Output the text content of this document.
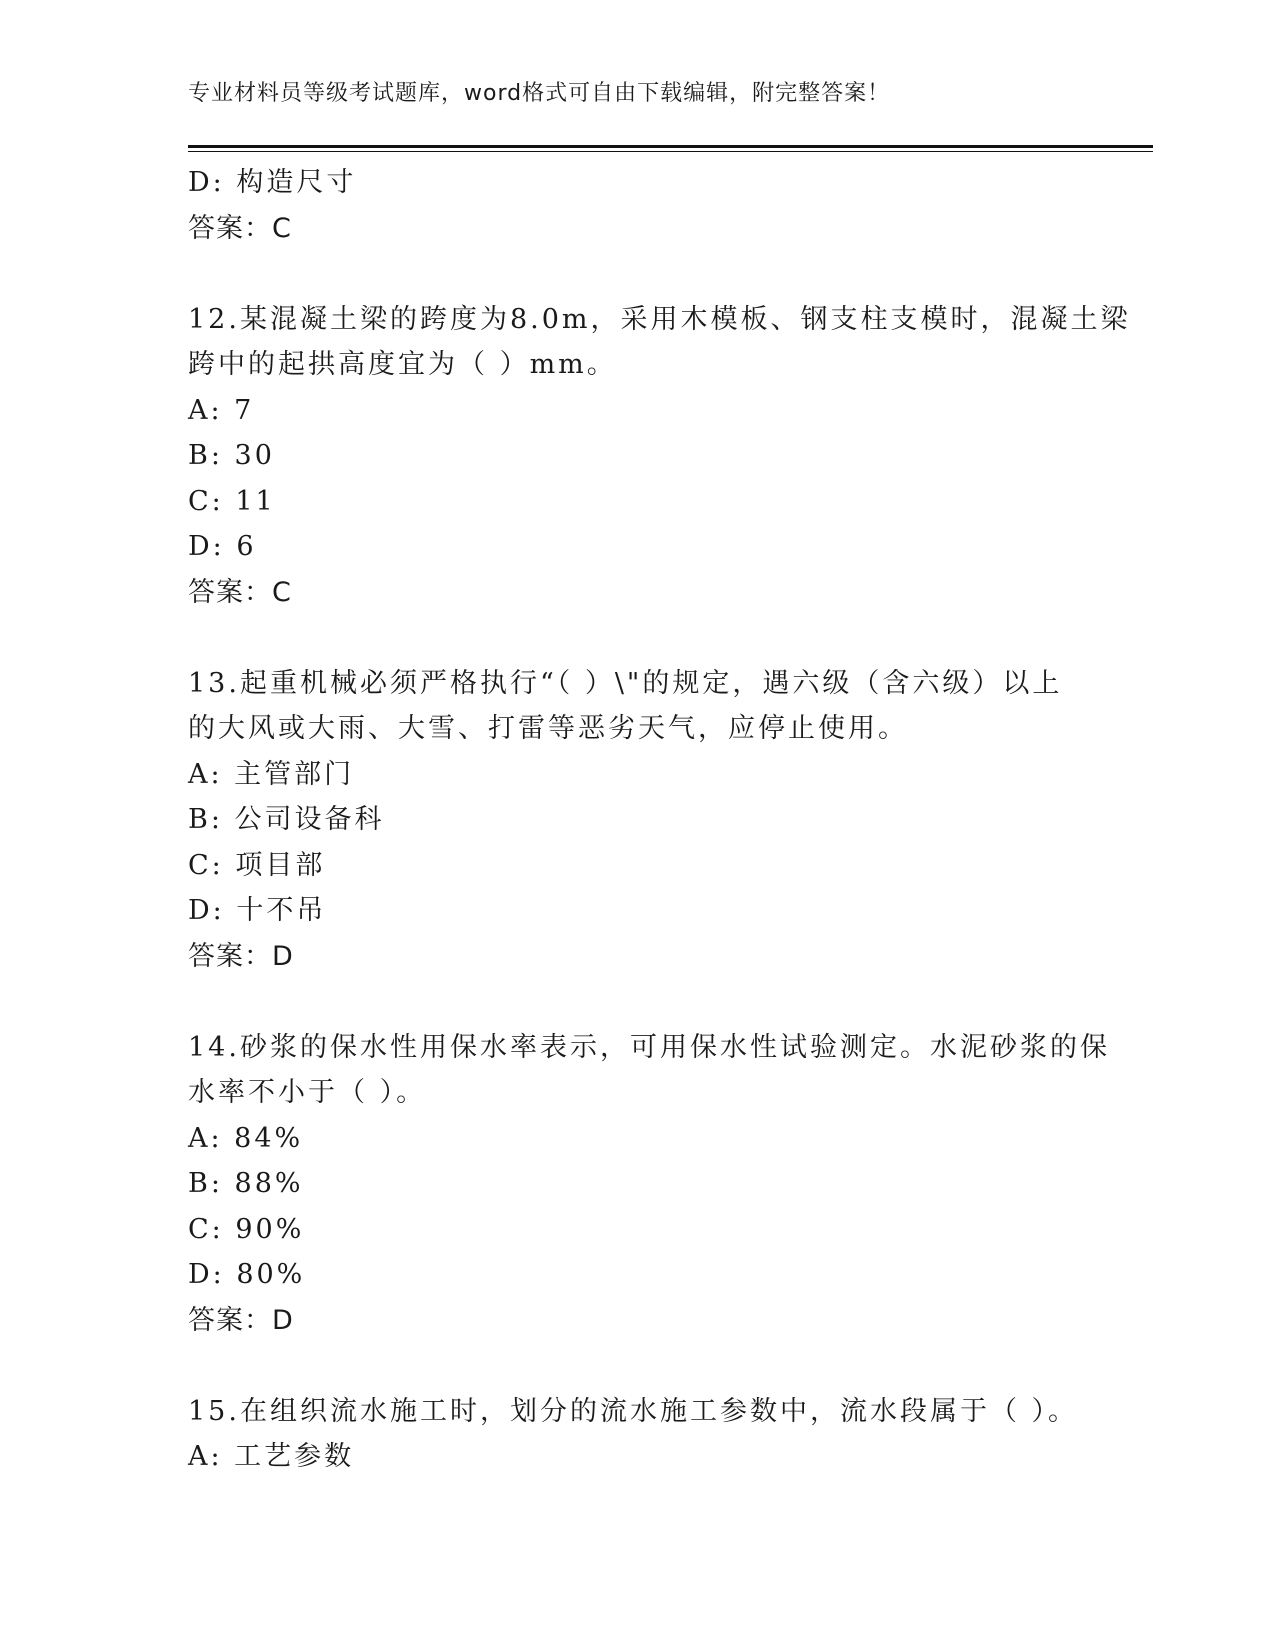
专业材料员等级考试题库，word格式可自由下载编辑，附完整答案！
D: 构造尺寸
答案：C
12.某混凝土梁的跨度为8.0m，采用木模板、钢支柱支模时，混凝土梁
跨中的起拱高度宜为（ ）mm。
A: 7
B: 30
C: 11
D: 6
答案：C
13.起重机械必须严格执行“（ ）\"的规定，遇六级（含六级）以上
的大风或大雨、大雪、打雷等恶劣天气，应停止使用。
A: 主管部门
B: 公司设备科
C: 项目部
D: 十不吊
答案：D
14.砂浆的保水性用保水率表示，可用保水性试验测定。水泥砂浆的保
水率不小于（ ）。
A: 84%
B: 88%
C: 90%
D: 80%
答案：D
15.在组织流水施工时，划分的流水施工参数中，流水段属于（ ）。
A: 工艺参数
